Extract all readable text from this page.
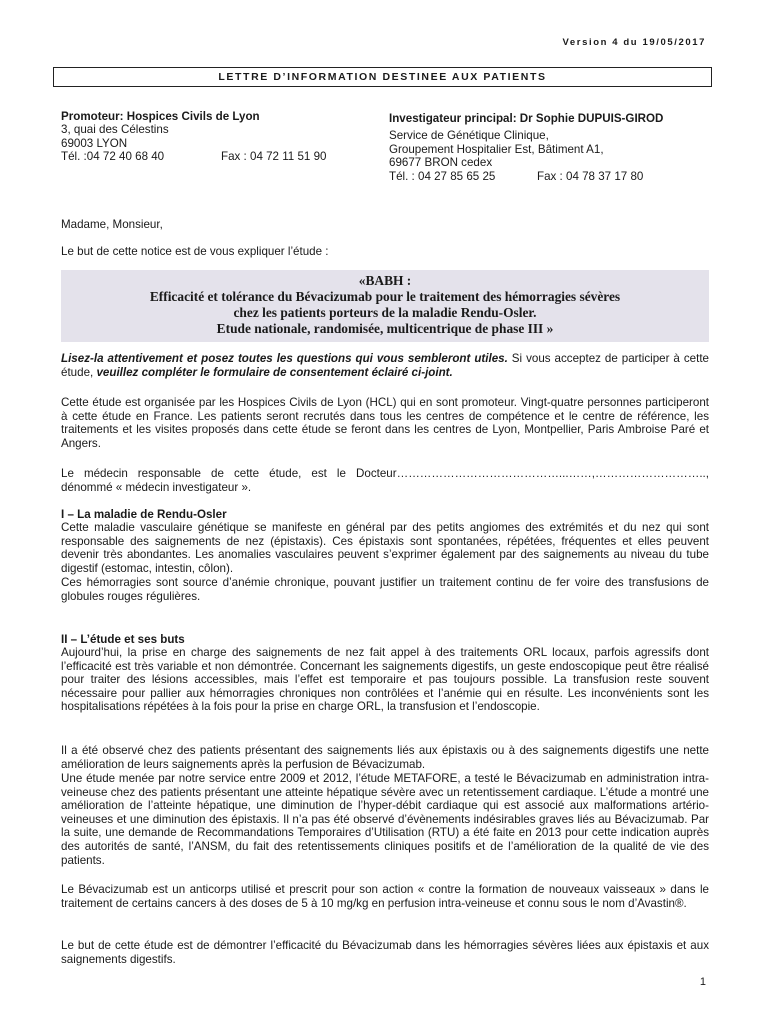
Version 4 du 19/05/2017
LETTRE D’INFORMATION DESTINEE AUX PATIENTS
Promoteur: Hospices Civils de Lyon
3, quai des Célestins
69003 LYON
Tél. :04 72 40 68 40	Fax : 04 72 11 51 90
Investigateur principal: Dr Sophie DUPUIS-GIROD
Service de Génétique Clinique,
Groupement Hospitalier Est, Bâtiment A1,
69677 BRON cedex
Tél. : 04 27 85 65 25	Fax : 04 78 37 17 80
Madame, Monsieur,
Le but de cette notice est de vous expliquer l’étude :
«BABH :
Efficacité et tolérance du Bévacizumab pour le traitement des hémorragies sévères
chez les patients porteurs de la maladie Rendu-Osler.
Etude nationale, randomisée, multicentrique de phase III »
Lisez-la attentivement et posez toutes les questions qui vous sembleront utiles. Si vous acceptez de participer à cette étude, veuillez compléter le formulaire de consentement éclairé ci-joint.
Cette étude est organisée par les Hospices Civils de Lyon (HCL) qui en sont promoteur. Vingt-quatre personnes participeront à cette étude en France. Les patients seront recrutés dans tous les centres de compétence et le centre de référence, les traitements et les visites proposés dans cette étude se feront dans les centres de Lyon, Montpellier, Paris Ambroise Paré et Angers.
Le médecin responsable de cette étude, est le Docteur……………………………………...……,……………………….., dénommé « médecin investigateur ».
I – La maladie de Rendu-Osler
Cette maladie vasculaire génétique se manifeste en général par des petits angiomes des extrémités et du nez qui sont responsable des saignements de nez (épistaxis). Ces épistaxis sont spontanées, répétées, fréquentes et elles peuvent devenir très abondantes. Les anomalies vasculaires peuvent s’exprimer également par des saignements au niveau du tube digestif (estomac, intestin, côlon).
Ces hémorragies sont source d’anémie chronique, pouvant justifier un traitement continu de fer voire des transfusions de globules rouges régulières.
II – L’étude et ses buts
Aujourd’hui, la prise en charge des saignements de nez fait appel à des traitements ORL locaux, parfois agressifs dont l’efficacité est très variable et non démontrée. Concernant les saignements digestifs, un geste endoscopique peut être réalisé pour traiter des lésions accessibles, mais l’effet est temporaire et pas toujours possible. La transfusion reste souvent nécessaire pour pallier aux hémorragies chroniques non contrôlées et l’anémie qui en résulte. Les inconvénients sont les hospitalisations répétées à la fois pour la prise en charge ORL, la transfusion et l’endoscopie.
Il a été observé chez des patients présentant des saignements liés aux épistaxis ou à des saignements digestifs une nette amélioration de leurs saignements après la perfusion de Bévacizumab.
Une étude menée par notre service entre 2009 et 2012, l’étude METAFORE, a testé le Bévacizumab en administration intra-veineuse chez des patients présentant une atteinte hépatique sévère avec un retentissement cardiaque. L’étude a montré une amélioration de l’atteinte hépatique, une diminution de l’hyper-débit cardiaque qui est associé aux malformations artério-veineuses et une diminution des épistaxis. Il n’a pas été observé d’évènements indésirables graves liés au Bévacizumab. Par la suite, une demande de Recommandations Temporaires d’Utilisation (RTU) a été faite en 2013 pour cette indication auprès des autorités de santé, l’ANSM, du fait des retentissements cliniques positifs et de l’amélioration de la qualité de vie des patients.
Le Bévacizumab est un anticorps utilisé et prescrit pour son action « contre la formation de nouveaux vaisseaux » dans le traitement de certains cancers à des doses de 5 à 10 mg/kg en perfusion intra-veineuse et connu sous le nom d’Avastin®.
Le but de cette étude est de démontrer l’efficacité du Bévacizumab dans les hémorragies sévères liées aux épistaxis et aux saignements digestifs.
1
